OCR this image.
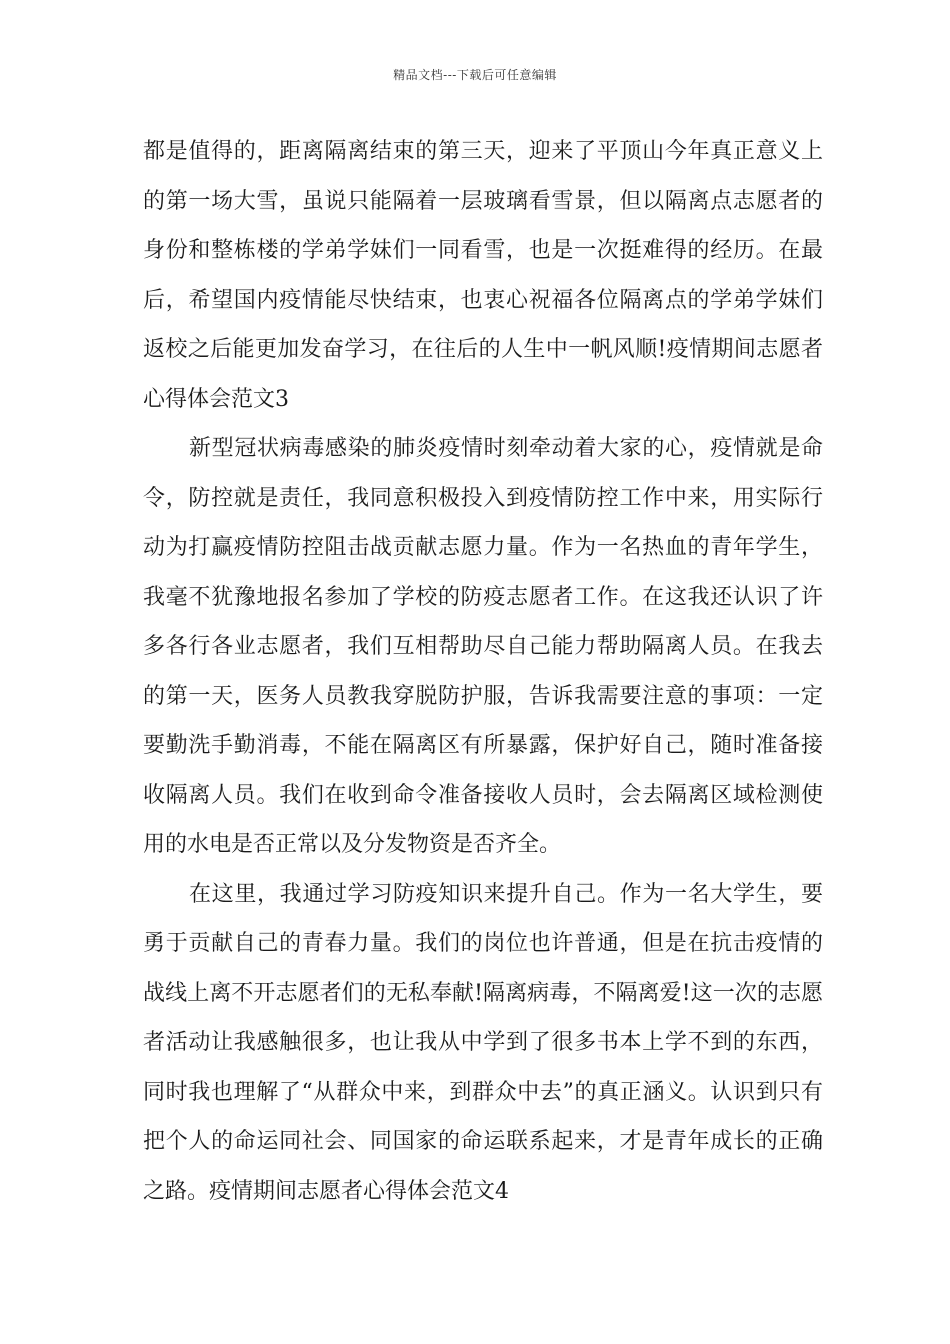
精品文档---下载后可任意编辑

都是值得的，距离隔离结束的第三天，迎来了平顶山今年真正意义上的第一场大雪，虽说只能隔着一层玻璃看雪景，但以隔离点志愿者的身份和整栋楼的学弟学妹们一同看雪，也是一次挺难得的经历。在最后，希望国内疫情能尽快结束，也衷心祝福各位隔离点的学弟学妹们返校之后能更加发奋学习，在往后的人生中一帆风顺!疫情期间志愿者心得体会范文3

新型冠状病毒感染的肺炎疫情时刻牵动着大家的心，疫情就是命令，防控就是责任，我同意积极投入到疫情防控工作中来，用实际行动为打赢疫情防控阻击战贡献志愿力量。作为一名热血的青年学生，我毫不犹豫地报名参加了学校的防疫志愿者工作。在这我还认识了许多各行各业志愿者，我们互相帮助尽自己能力帮助隔离人员。在我去的第一天，医务人员教我穿脱防护服，告诉我需要注意的事项：一定要勤洗手勤消毒，不能在隔离区有所暴露，保护好自己，随时准备接收隔离人员。我们在收到命令准备接收人员时，会去隔离区域检测使用的水电是否正常以及分发物资是否齐全。

在这里，我通过学习防疫知识来提升自己。作为一名大学生，要勇于贡献自己的青春力量。我们的岗位也许普通，但是在抗击疫情的战线上离不开志愿者们的无私奉献!隔离病毒，不隔离爱!这一次的志愿者活动让我感触很多，也让我从中学到了很多书本上学不到的东西，同时我也理解了“从群众中来，到群众中去”的真正涵义。认识到只有把个人的命运同社会、同国家的命运联系起来，才是青年成长的正确之路。疫情期间志愿者心得体会范文4
